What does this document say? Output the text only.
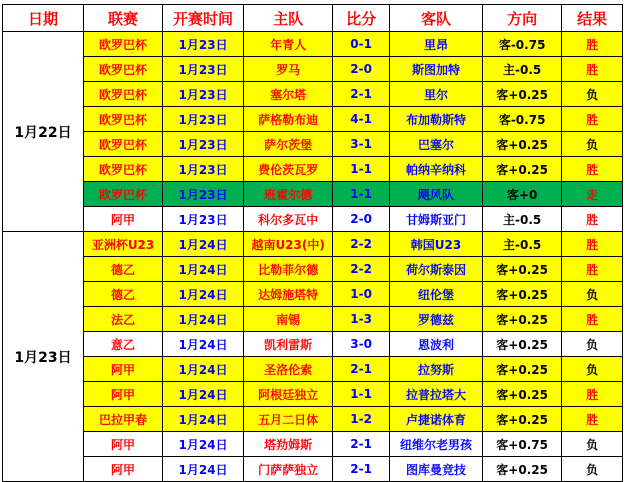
日期	联赛	开赛时间	主队	比分	客队	方向	结果
1月22日	欧罗巴杯	1月23日	年青人	0-1	里昂	客-0.75	胜
	欧罗巴杯	1月23日	罗马	2-0	斯图加特	主-0.5	胜
	欧罗巴杯	1月23日	塞尔塔	2-1	里尔	客+0.25	负
	欧罗巴杯	1月23日	萨格勒布迪	4-1	布加勒斯特	客-0.75	胜
	欧罗巴杯	1月23日	萨尔茨堡	3-1	巴塞尔	客+0.25	负
	欧罗巴杯	1月23日	费伦茨瓦罗	1-1	帕纳辛纳科	客+0.25	胜
	欧罗巴杯	1月23日	班霍尔德	1-1	飓风队	客+0	走
	阿甲	1月23日	科尔多瓦中	2-0	甘姆斯亚门	主-0.5	胜
1月23日	亚洲杯U23	1月24日	越南U23(中)	2-2	韩国U23	主-0.5	胜
	德乙	1月24日	比勒菲尔德	2-2	荷尔斯泰因	客+0.25	胜
	德乙	1月24日	达姆施塔特	1-0	纽伦堡	客+0.25	负
	法乙	1月24日	南锡	1-3	罗德兹	客+0.25	胜
	意乙	1月24日	凯利雷斯	3-0	恩波利	客+0.25	负
	阿甲	1月24日	圣洛伦索	2-1	拉努斯	客+0.25	负
	阿甲	1月24日	阿根廷独立	1-1	拉普拉塔大	客+0.25	胜
	巴拉甲春	1月24日	五月二日体	1-2	卢捷诺体育	客+0.25	胜
	阿甲	1月24日	塔劷姆斯	2-1	纽维尔老男孩	客+0.75	负
	阿甲	1月24日	门萨萨独立	2-1	图库曼竞技	客+0.25	负
